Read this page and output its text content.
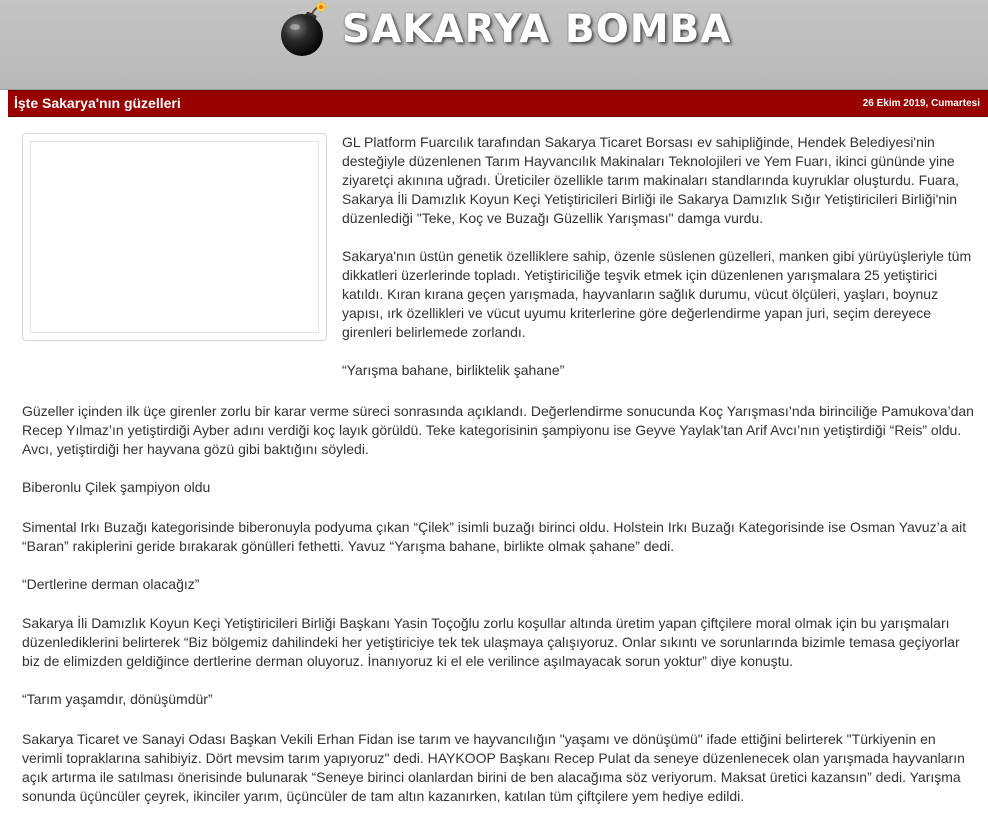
SAKARYA BOMBA
İşte Sakarya'nın güzelleri	26 Ekim 2019, Cumartesi

GL Platform Fuarcılık tarafından Sakarya Ticaret Borsası ev sahipliğinde, Hendek Belediyesi'nin desteğiyle düzenlenen Tarım Hayvancılık Makinaları Teknolojileri ve Yem Fuarı, ikinci gününde yine ziyaretçi akınına uğradı. Üreticiler özellikle tarım makinaları standlarında kuyruklar oluşturdu. Fuara, Sakarya İli Damızlık Koyun Keçi Yetiştiricileri Birliği ile Sakarya Damızlık Sığır Yetiştiricileri Birliği'nin düzenlediği "Teke, Koç ve Buzağı Güzellik Yarışması" damga vurdu.

Sakarya'nın üstün genetik özelliklere sahip, özenle süslenen güzelleri, manken gibi yürüyüşleriyle tüm dikkatleri üzerlerinde topladı. Yetiştiriciliğe teşvik etmek için düzenlenen yarışmalara 25 yetiştirici katıldı. Kıran kırana geçen yarışmada, hayvanların sağlık durumu, vücut ölçüleri, yaşları, boynuz yapısı, ırk özellikleri ve vücut uyumu kriterlerine göre değerlendirme yapan juri, seçim dereyece girenleri belirlemede zorlandı.

“Yarışma bahane, birliktelik şahane”

Güzeller içinden ilk üçe girenler zorlu bir karar verme süreci sonrasında açıklandı. Değerlendirme sonucunda Koç Yarışması’nda birinciliğe Pamukova’dan Recep Yılmaz’ın yetiştirdiği Ayber adını verdiği koç layık görüldü. Teke kategorisinin şampiyonu ise Geyve Yaylak’tan Arif Avcı’nın yetiştirdiği “Reis” oldu. Avcı, yetiştirdiği her hayvana gözü gibi baktığını söyledi.

Biberonlu Çilek şampiyon oldu

Simental Irkı Buzağı kategorisinde biberonuyla podyuma çıkan “Çilek” isimli buzağı birinci oldu. Holstein Irkı Buzağı Kategorisinde ise Osman Yavuz’a ait “Baran” rakiplerini geride bırakarak gönülleri fethetti. Yavuz “Yarışma bahane, birlikte olmak şahane” dedi.

“Dertlerine derman olacağız”

Sakarya İli Damızlık Koyun Keçi Yetiştiricileri Birliği Başkanı Yasin Toçoğlu zorlu koşullar altında üretim yapan çiftçilere moral olmak için bu yarışmaları düzenlediklerini belirterek “Biz bölgemiz dahilindeki her yetiştiriciye tek tek ulaşmaya çalışıyoruz. Onlar sıkıntı ve sorunlarında bizimle temasa geçiyorlar biz de elimizden geldiğince dertlerine derman oluyoruz. İnanıyoruz ki el ele verilince aşılmayacak sorun yoktur” diye konuştu.

“Tarım yaşamdır, dönüşümdür”

Sakarya Ticaret ve Sanayi Odası Başkan Vekili Erhan Fidan ise tarım ve hayvancılığın "yaşamı ve dönüşümü" ifade ettiğini belirterek "Türkiyenin en verimli topraklarına sahibiyiz. Dört mevsim tarım yapıyoruz" dedi. HAYKOOP Başkanı Recep Pulat da seneye düzenlenecek olan yarışmada hayvanların açık artırma ile satılması önerisinde bulunarak “Seneye birinci olanlardan birini de ben alacağıma söz veriyorum. Maksat üretici kazansın” dedi. Yarışma sonunda üçüncüler çeyrek, ikinciler yarım, üçüncüler de tam altın kazanırken, katılan tüm çiftçilere yem hediye edildi.
